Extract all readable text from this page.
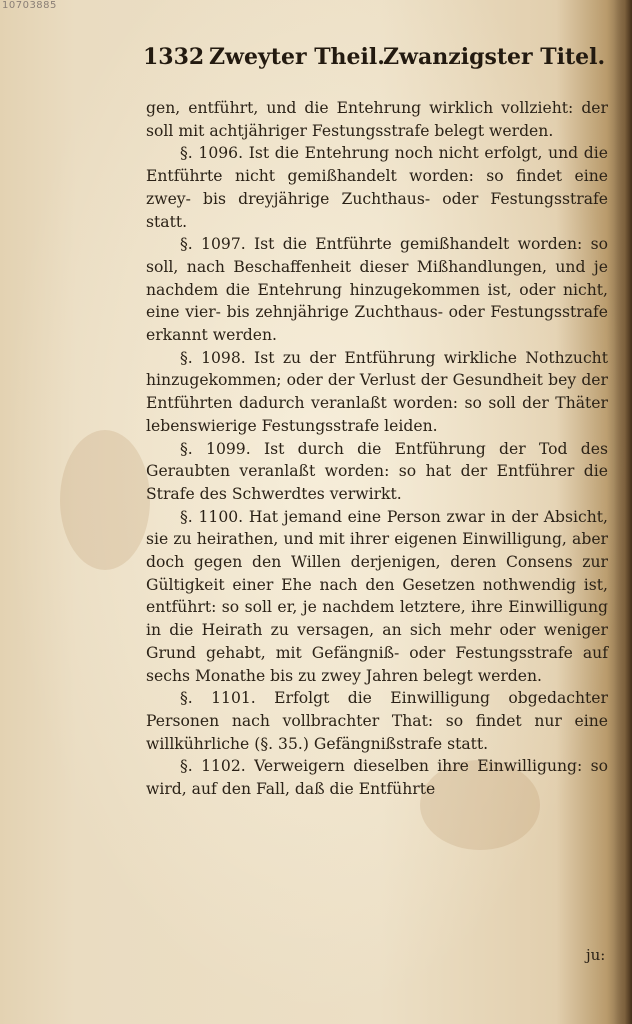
10703885
1332 Zweyter Theil.
Zwanzigster Titel.

gen, entführt, und die Entehrung wirklich vollzieht: der soll mit achtjähriger Festungsstrafe belegt werden.

§. 1096. Ist die Entehrung noch nicht erfolgt, und die Entführte nicht gemißhandelt worden: so findet eine zwey- bis dreyjährige Zuchthaus- oder Festungsstrafe statt.

§. 1097. Ist die Entführte gemißhandelt worden: so soll, nach Beschaffenheit dieser Mißhandlungen, und je nachdem die Entehrung hinzugekommen ist, oder nicht, eine vier- bis zehnjährige Zuchthaus- oder Festungsstrafe erkannt werden.

§. 1098. Ist zu der Entführung wirkliche Nothzucht hinzugekommen; oder der Verlust der Gesundheit bey der Entführten dadurch veranlaßt worden: so soll der Thäter lebenswierige Festungsstrafe leiden.

§. 1099. Ist durch die Entführung der Tod des Geraubten veranlaßt worden: so hat der Entführer die Strafe des Schwerdtes verwirkt.

§. 1100. Hat jemand eine Person zwar in der Absicht, sie zu heirathen, und mit ihrer eigenen Einwilligung, aber doch gegen den Willen derjenigen, deren Consens zur Gültigkeit einer Ehe nach den Gesetzen nothwendig ist, entführt: so soll er, je nachdem letztere, ihre Einwilligung in die Heirath zu versagen, an sich mehr oder weniger Grund gehabt, mit Gefängniß- oder Festungsstrafe auf sechs Monathe bis zu zwey Jahren belegt werden.

§. 1101. Erfolgt die Einwilligung obgedachter Personen nach vollbrachter That: so findet nur eine willkührliche (§. 35.) Gefängnißstrafe statt.

§. 1102. Verweigern dieselben ihre Einwilligung: so wird, auf den Fall, daß die Entführte

ju:
